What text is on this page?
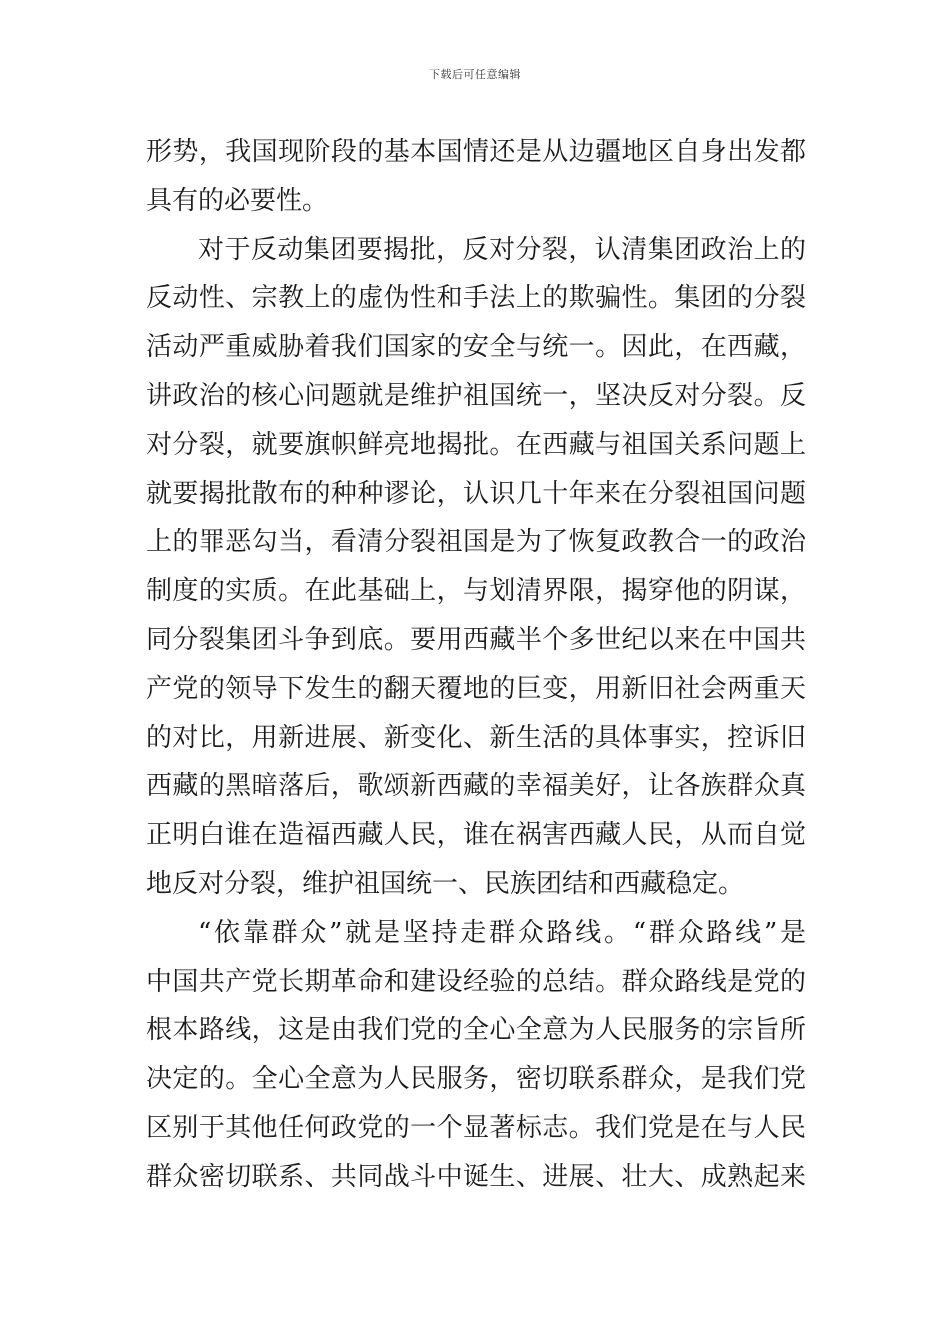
下载后可任意编辑
形势，我国现阶段的基本国情还是从边疆地区自身出发都
具有的必要性。
对于反动集团要揭批，反对分裂，认清集团政治上的
反动性、宗教上的虚伪性和手法上的欺骗性。集团的分裂
活动严重威胁着我们国家的安全与统一。因此，在西藏，
讲政治的核心问题就是维护祖国统一，坚决反对分裂。反
对分裂，就要旗帜鲜亮地揭批。在西藏与祖国关系问题上
就要揭批散布的种种谬论，认识几十年来在分裂祖国问题
上的罪恶勾当，看清分裂祖国是为了恢复政教合一的政治
制度的实质。在此基础上，与划清界限，揭穿他的阴谋，
同分裂集团斗争到底。要用西藏半个多世纪以来在中国共
产党的领导下发生的翻天覆地的巨变，用新旧社会两重天
的对比，用新进展、新变化、新生活的具体事实，控诉旧
西藏的黑暗落后，歌颂新西藏的幸福美好，让各族群众真
正明白谁在造福西藏人民，谁在祸害西藏人民，从而自觉
地反对分裂，维护祖国统一、民族团结和西藏稳定。
“依靠群众”就是坚持走群众路线。“群众路线”是
中国共产党长期革命和建设经验的总结。群众路线是党的
根本路线，这是由我们党的全心全意为人民服务的宗旨所
决定的。全心全意为人民服务，密切联系群众，是我们党
区别于其他任何政党的一个显著标志。我们党是在与人民
群众密切联系、共同战斗中诞生、进展、壮大、成熟起来
